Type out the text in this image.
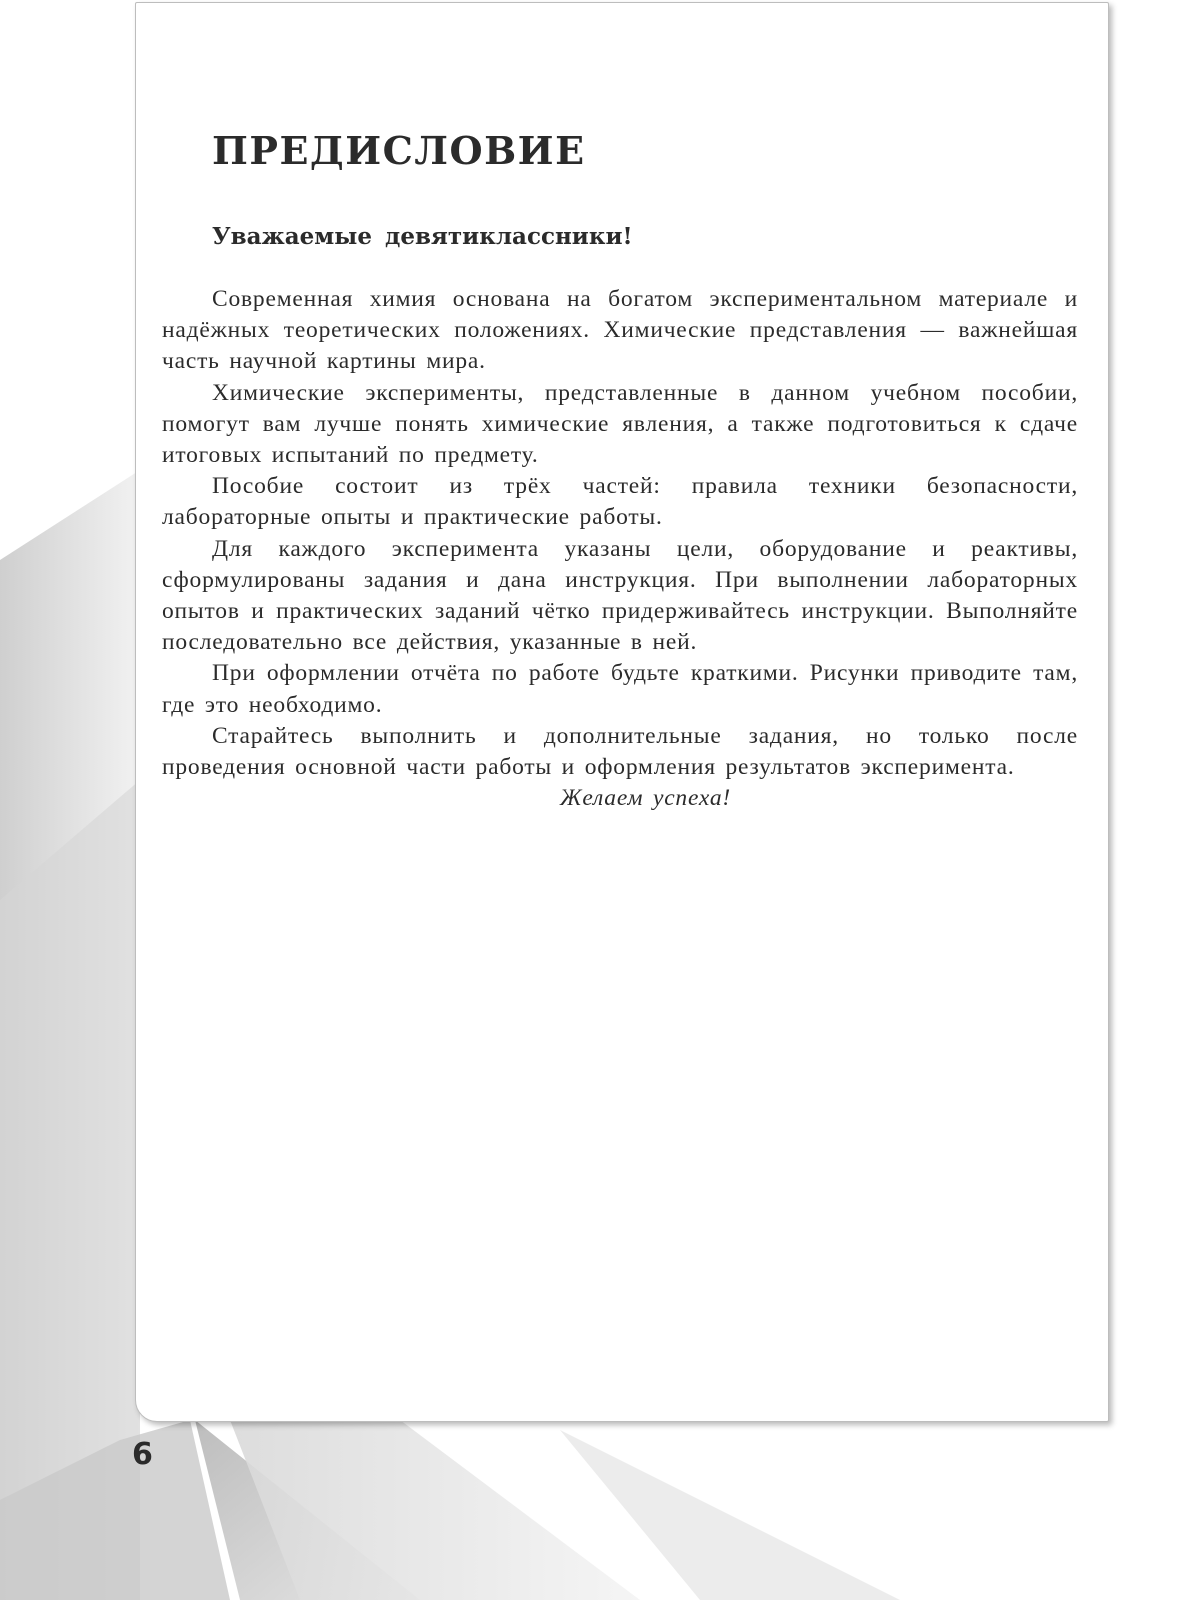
ПРЕДИСЛОВИЕ
Уважаемые девятиклассники!

Современная химия основана на богатом экспериментальном материале и надёжных теоретических положениях. Химические представления — важнейшая часть научной картины мира.

Химические эксперименты, представленные в данном учебном пособии, помогут вам лучше понять химические явления, а также подготовиться к сдаче итоговых испытаний по предмету.

Пособие состоит из трёх частей: правила техники безопасности, лабораторные опыты и практические работы.

Для каждого эксперимента указаны цели, оборудование и реактивы, сформулированы задания и дана инструкция. При выполнении лабораторных опытов и практических заданий чётко придерживайтесь инструкции. Выполняйте последовательно все действия, указанные в ней.

При оформлении отчёта по работе будьте краткими. Рисунки приводите там, где это необходимо.

Старайтесь выполнить и дополнительные задания, но только после проведения основной части работы и оформления результатов эксперимента.

Желаем успеха!

6
